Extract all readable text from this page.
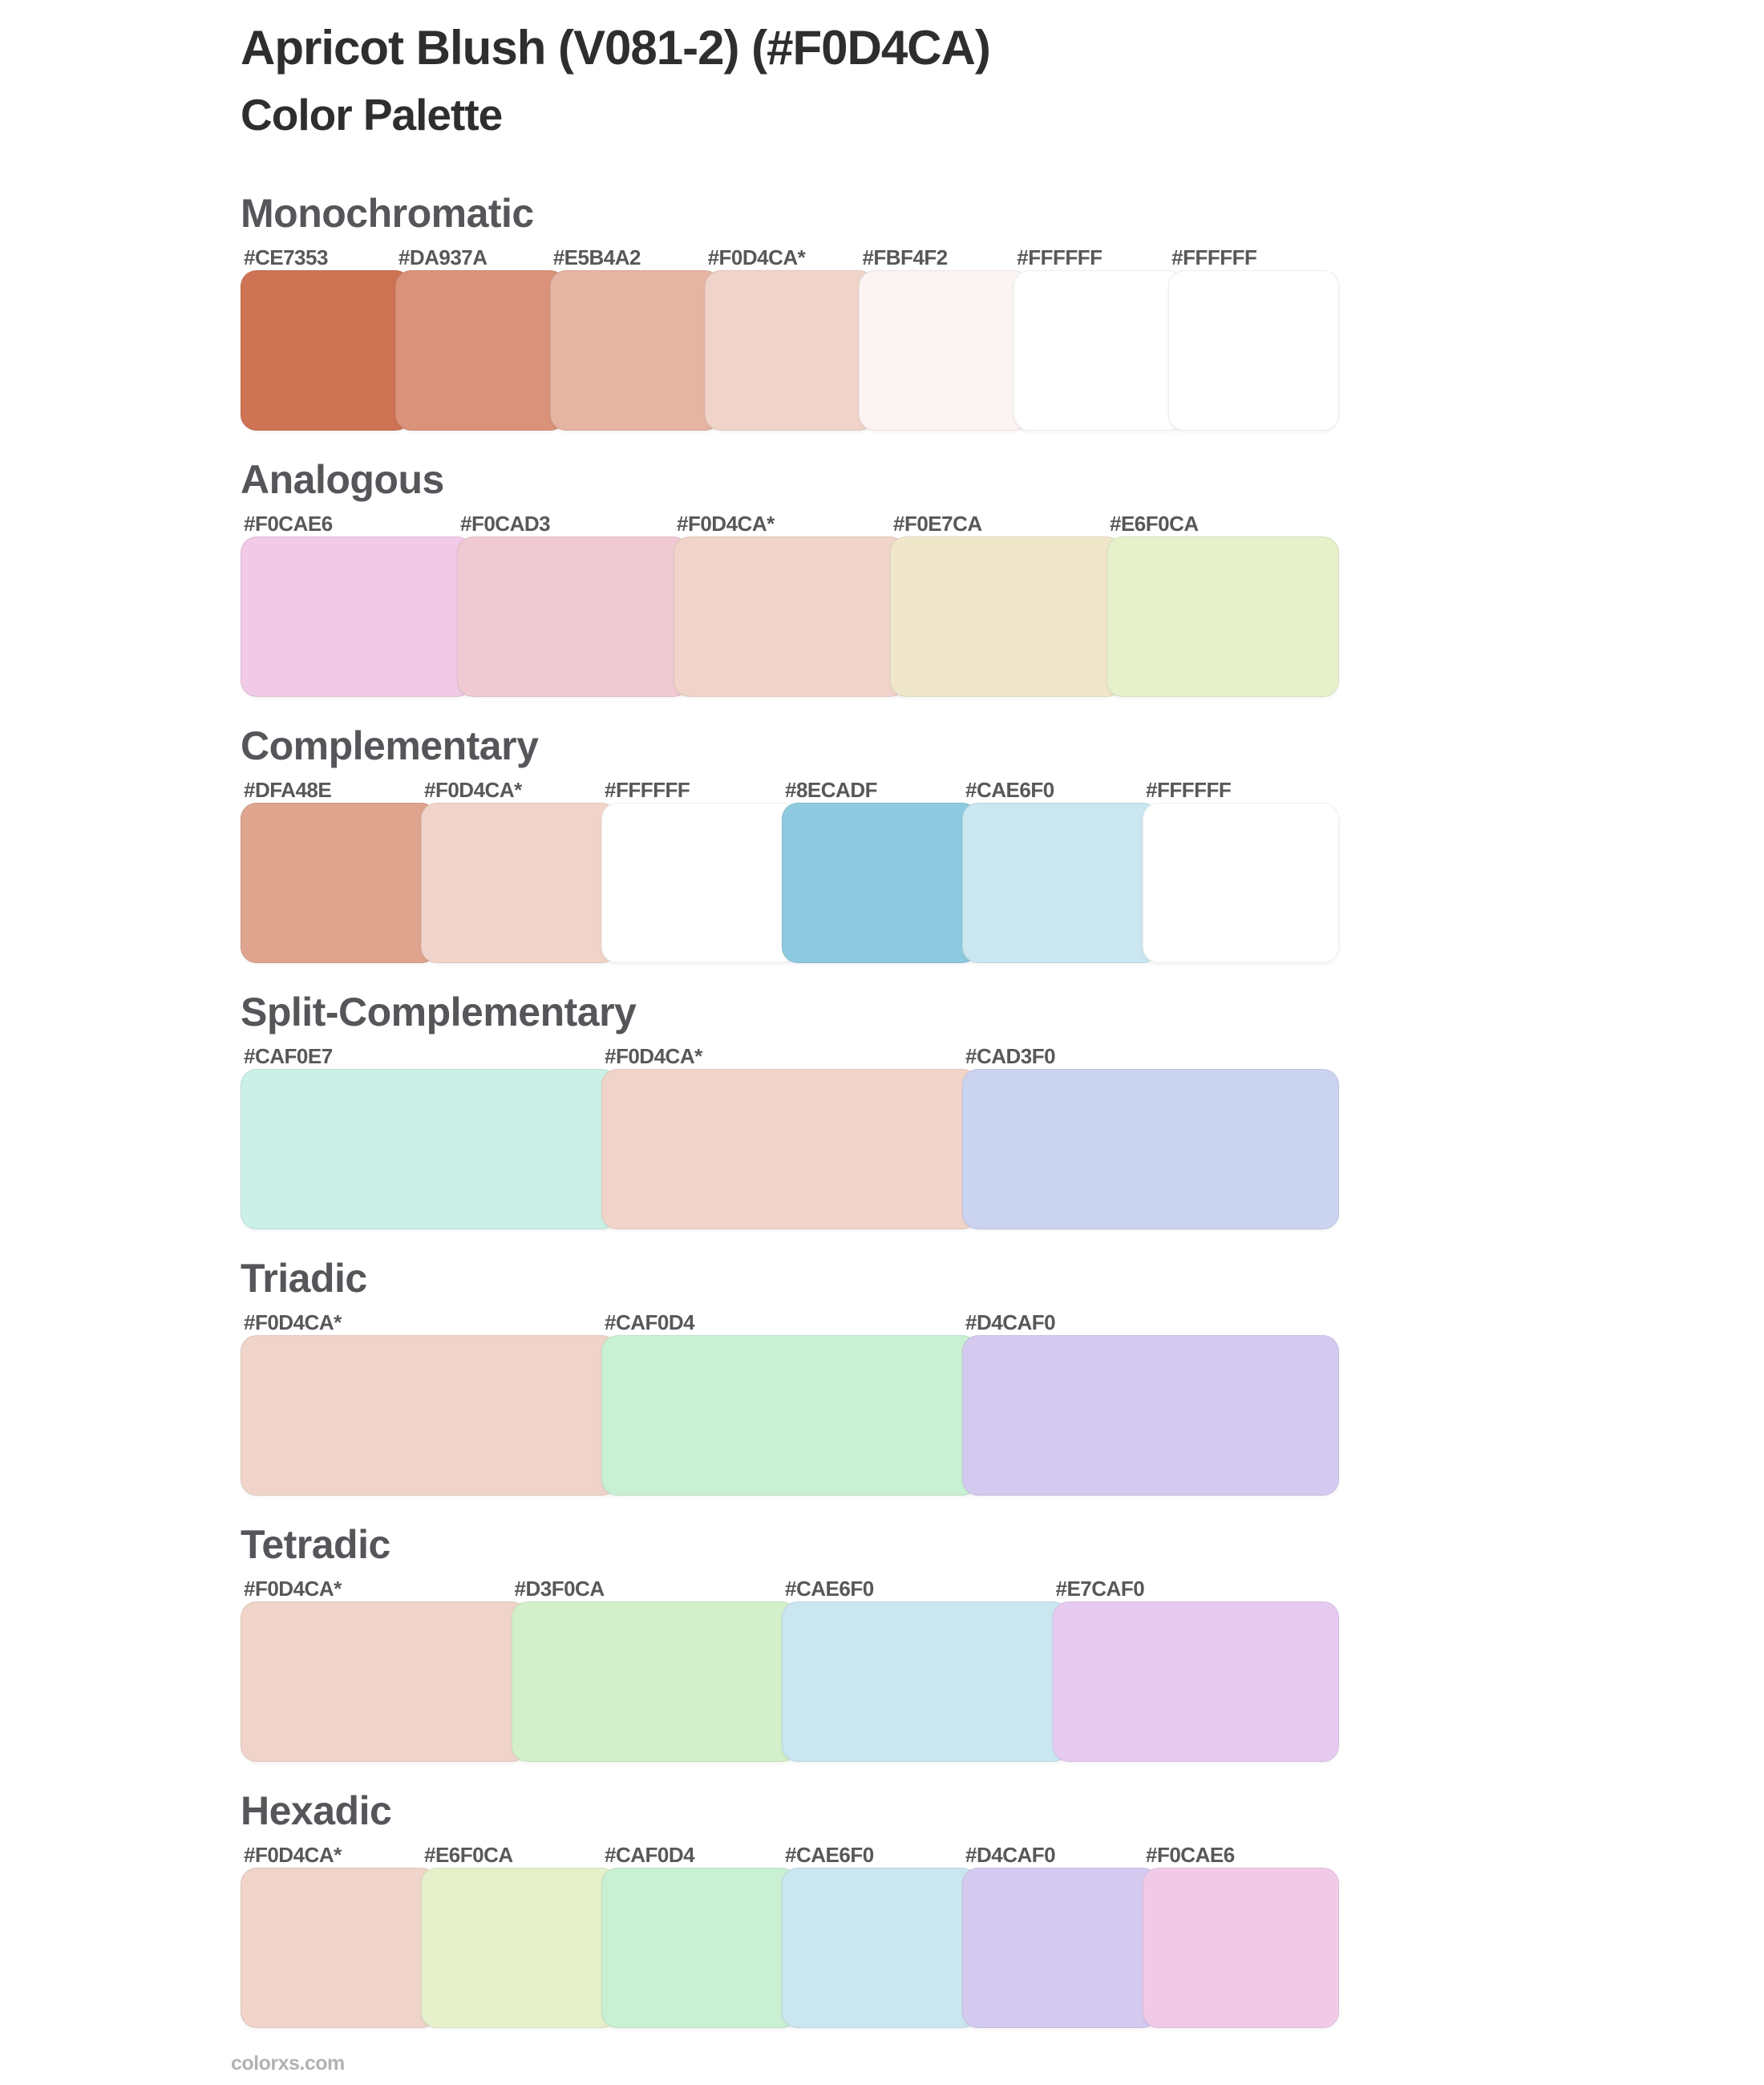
Apricot Blush (V081-2) (#F0D4CA)
Color Palette
Monochromatic
#CE7353	#DA937A	#E5B4A2	#F0D4CA*	#FBF4F2	#FFFFFF	#FFFFFF
Analogous
#F0CAE6	#F0CAD3	#F0D4CA*	#F0E7CA	#E6F0CA
Complementary
#DFA48E	#F0D4CA*	#FFFFFF	#8ECADF	#CAE6F0	#FFFFFF
Split-Complementary
#CAF0E7	#F0D4CA*	#CAD3F0
Triadic
#F0D4CA*	#CAF0D4	#D4CAF0
Tetradic
#F0D4CA*	#D3F0CA	#CAE6F0	#E7CAF0
Hexadic
#F0D4CA*	#E6F0CA	#CAF0D4	#CAE6F0	#D4CAF0	#F0CAE6
colorxs.com
